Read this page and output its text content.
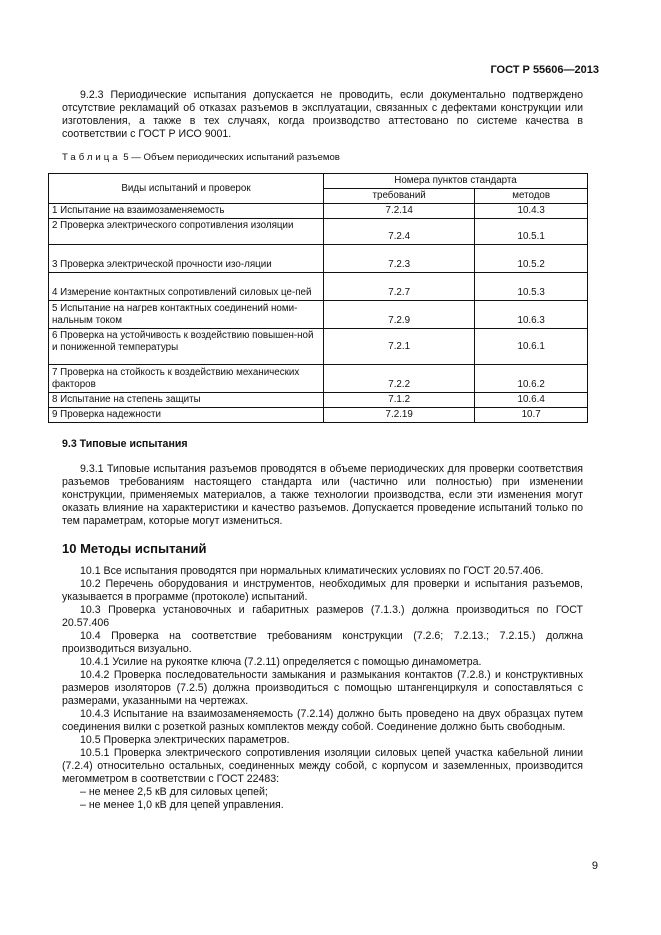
ГОСТ Р 55606—2013

9.2.3 Периодические испытания допускается не проводить, если документально подтверждено отсутствие рекламаций об отказах разъемов в эксплуатации, связанных с дефектами конструкции или изготовления, а также в тех случаях, когда производство аттестовано по системе качества в соответствии с ГОСТ Р ИСО 9001.

Таблица 5 — Объем периодических испытаний разъемов

Виды испытаний и проверок	Номера пунктов стандарта	
	требований	методов
1 Испытание на взаимозаменяемость	7.2.14	10.4.3
2 Проверка электрического сопротивления изоляции	7.2.4	10.5.1
3 Проверка электрической прочности изо-ляции	7.2.3	10.5.2
4 Измерение контактных сопротивлений силовых це-пей	7.2.7	10.5.3
5 Испытание на нагрев контактных соединений номи-нальным током	7.2.9	10.6.3
6 Проверка на устойчивость к воздействию повышен-ной и пониженной температуры	7.2.1	10.6.1
7 Проверка на стойкость к воздействию механических факторов	7.2.2	10.6.2
8 Испытание на степень защиты	7.1.2	10.6.4
9 Проверка надежности	7.2.19	10.7

9.3 Типовые испытания

9.3.1 Типовые испытания разъемов проводятся в объеме периодических для проверки соответствия разъемов требованиям настоящего стандарта или (частично или полностью) при изменении конструкции, применяемых материалов, а также технологии производства, если эти изменения могут оказать влияние на характеристики и качество разъемов. Допускается проведение испытаний только по тем параметрам, которые могут измениться.

10 Методы испытаний

10.1 Все испытания проводятся при нормальных климатических условиях по ГОСТ 20.57.406.

10.2 Перечень оборудования и инструментов, необходимых для проверки и испытания разъемов, указывается в программе (протоколе) испытаний.

10.3 Проверка установочных и габаритных размеров (7.1.3.) должна производиться по ГОСТ 20.57.406

10.4 Проверка на соответствие требованиям конструкции (7.2.6; 7.2.13.; 7.2.15.) должна производиться визуально.

10.4.1 Усилие на рукоятке ключа (7.2.11) определяется с помощью динамометра.

10.4.2 Проверка последовательности замыкания и размыкания контактов (7.2.8.) и конструктивных размеров изоляторов (7.2.5) должна производиться с помощью штангенциркуля и сопоставляться с размерами, указанными на чертежах.

10.4.3 Испытание на взаимозаменяемость (7.2.14) должно быть проведено на двух образцах путем соединения вилки с розеткой разных комплектов между собой. Соединение должно быть свободным.

10.5 Проверка электрических параметров.

10.5.1 Проверка электрического сопротивления изоляции силовых цепей участка кабельной линии (7.2.4) относительно остальных, соединенных между собой, с корпусом и заземленных, производится мегомметром в соответствии с ГОСТ 22483:

– не менее 2,5 кВ для силовых цепей;

– не менее 1,0 кВ для цепей управления.

9
